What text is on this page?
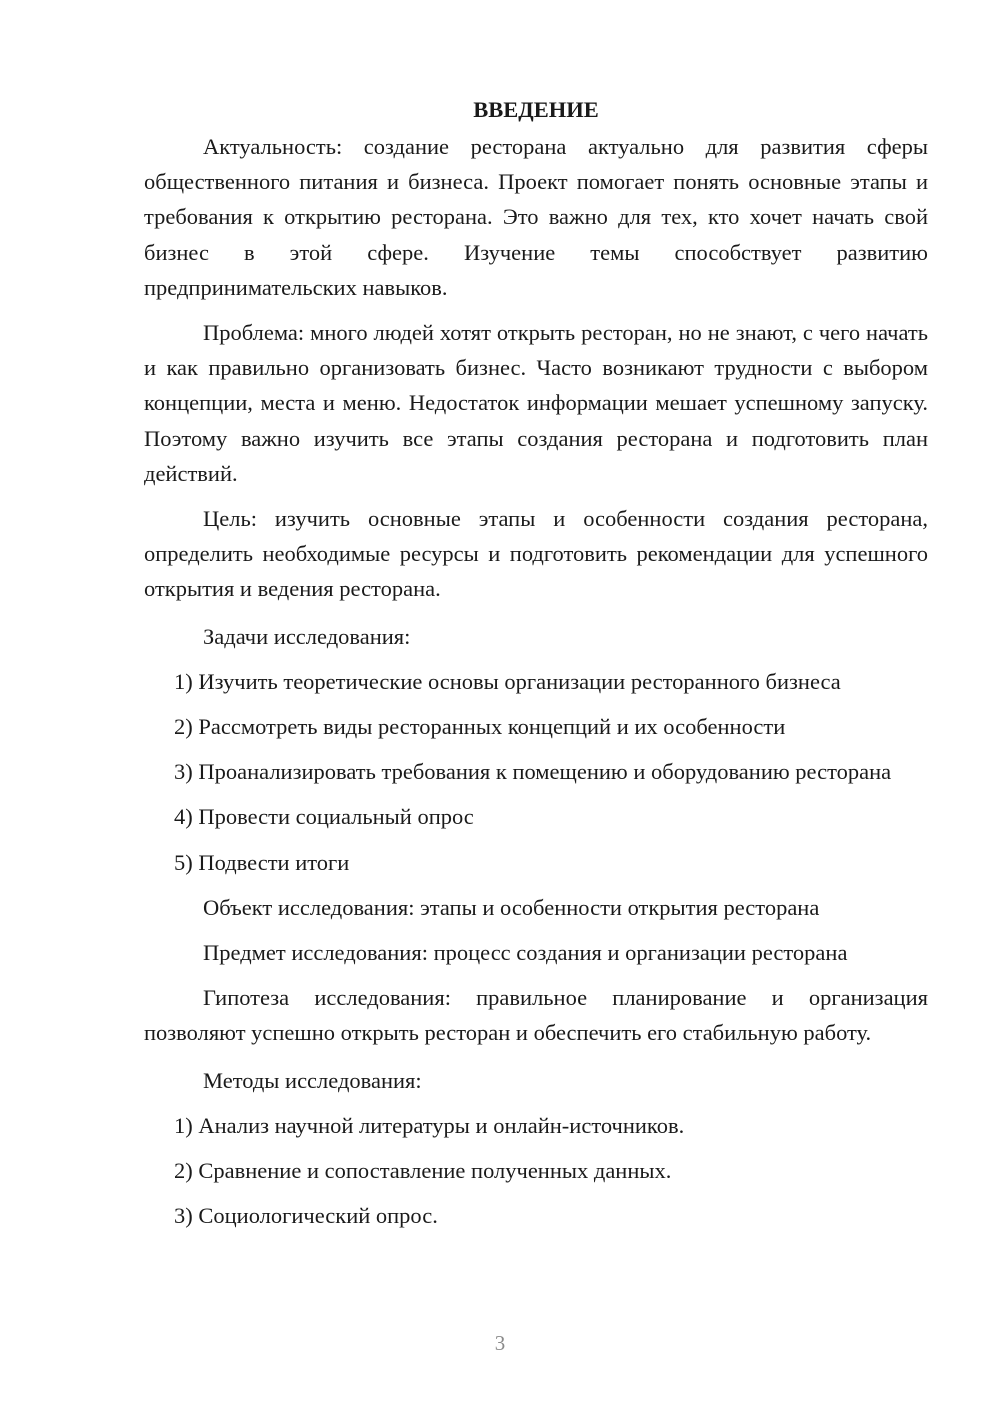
ВВЕДЕНИЕ

Актуальность: создание ресторана актуально для развития сферы общественного питания и бизнеса. Проект помогает понять основные этапы и требования к открытию ресторана. Это важно для тех, кто хочет начать свой бизнес в этой сфере. Изучение темы способствует развитию предпринимательских навыков.

Проблема: много людей хотят открыть ресторан, но не знают, с чего начать и как правильно организовать бизнес. Часто возникают трудности с выбором концепции, места и меню. Недостаток информации мешает успешному запуску. Поэтому важно изучить все этапы создания ресторана и подготовить план действий.

Цель: изучить основные этапы и особенности создания ресторана, определить необходимые ресурсы и подготовить рекомендации для успешного открытия и ведения ресторана.

Задачи исследования:

1) Изучить теоретические основы организации ресторанного бизнеса

2) Рассмотреть виды ресторанных концепций и их особенности

3) Проанализировать требования к помещению и оборудованию ресторана

4) Провести социальный опрос

5) Подвести итоги

Объект исследования: этапы и особенности открытия ресторана

Предмет исследования: процесс создания и организации ресторана

Гипотеза исследования: правильное планирование и организация позволяют успешно открыть ресторан и обеспечить его стабильную работу.

Методы исследования:

1) Анализ научной литературы и онлайн-источников.

2) Сравнение и сопоставление полученных данных.

3) Социологический опрос.

3
